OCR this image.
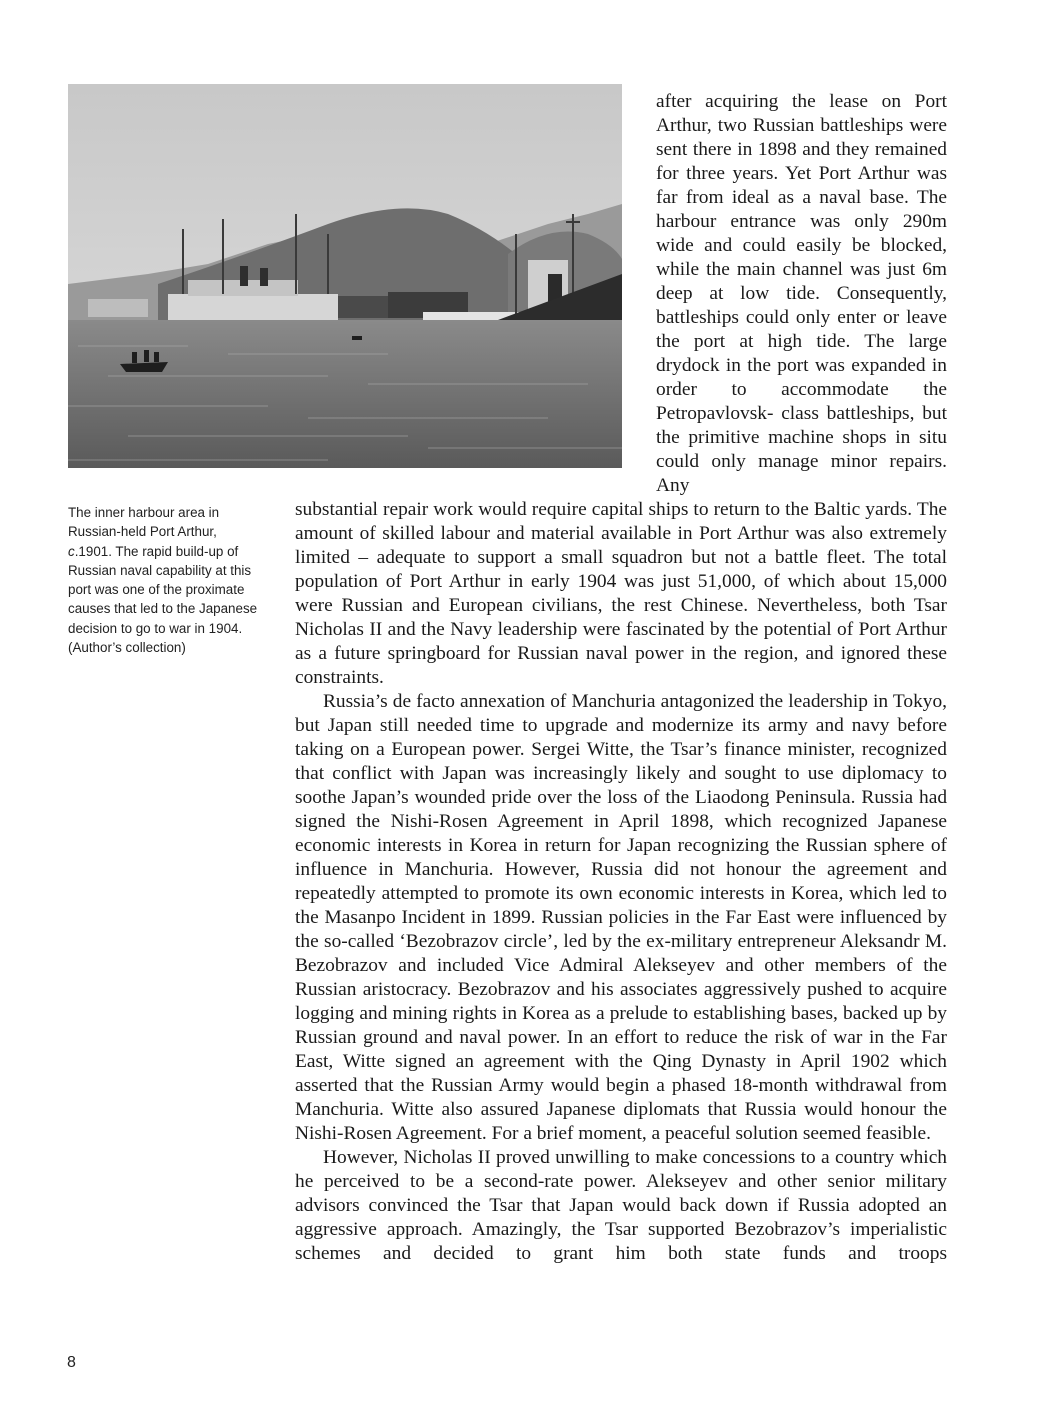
after acquiring the lease on Port Arthur, two Russian battleships were sent there in 1898 and they remained for three years. Yet Port Arthur was far from ideal as a naval base. The harbour entrance was only 290m wide and could easily be blocked, while the main channel was just 6m deep at low tide. Consequently, battleships could only enter or leave the port at high tide. The large drydock in the port was expanded in order to accommodate the Petropavlovsk- class battleships, but the primitive machine shops in situ could only manage minor repairs. Any

substantial repair work would require capital ships to return to the Baltic yards. The amount of skilled labour and material available in Port Arthur was also extremely limited – adequate to support a small squadron but not a battle fleet. The total population of Port Arthur in early 1904 was just 51,000, of which about 15,000 were Russian and European civilians, the rest Chinese. Nevertheless, both Tsar Nicholas II and the Navy leadership were fascinated by the potential of Port Arthur as a future springboard for Russian naval power in the region, and ignored these constraints.

Russia’s de facto annexation of Manchuria antagonized the leadership in Tokyo, but Japan still needed time to upgrade and modernize its army and navy before taking on a European power. Sergei Witte, the Tsar’s finance minister, recognized that conflict with Japan was increasingly likely and sought to use diplomacy to soothe Japan’s wounded pride over the loss of the Liaodong Peninsula. Russia had signed the Nishi-Rosen Agreement in April 1898, which recognized Japanese economic interests in Korea in return for Japan recognizing the Russian sphere of influence in Manchuria. However, Russia did not honour the agreement and repeatedly attempted to promote its own economic interests in Korea, which led to the Masanpo Incident in 1899. Russian policies in the Far East were influenced by the so-called ‘Bezobrazov circle’, led by the ex-military entrepreneur Aleksandr M. Bezobrazov and included Vice Admiral Alekseyev and other members of the Russian aristocracy. Bezobrazov and his associates aggressively pushed to acquire logging and mining rights in Korea as a prelude to establishing bases, backed up by Russian ground and naval power. In an effort to reduce the risk of war in the Far East, Witte signed an agreement with the Qing Dynasty in April 1902 which asserted that the Russian Army would begin a phased 18-month withdrawal from Manchuria. Witte also assured Japanese diplomats that Russia would honour the Nishi-Rosen Agreement. For a brief moment, a peaceful solution seemed feasible.

However, Nicholas II proved unwilling to make concessions to a country which he perceived to be a second-rate power. Alekseyev and other senior military advisors convinced the Tsar that Japan would back down if Russia adopted an aggressive approach. Amazingly, the Tsar supported Bezobrazov’s imperialistic schemes and decided to grant him both state funds and troops

The inner harbour area in
Russian-held Port Arthur,
c.1901. The rapid build-up of
Russian naval capability at this
port was one of the proximate
causes that led to the Japanese
decision to go to war in 1904.
(Author’s collection)
8
